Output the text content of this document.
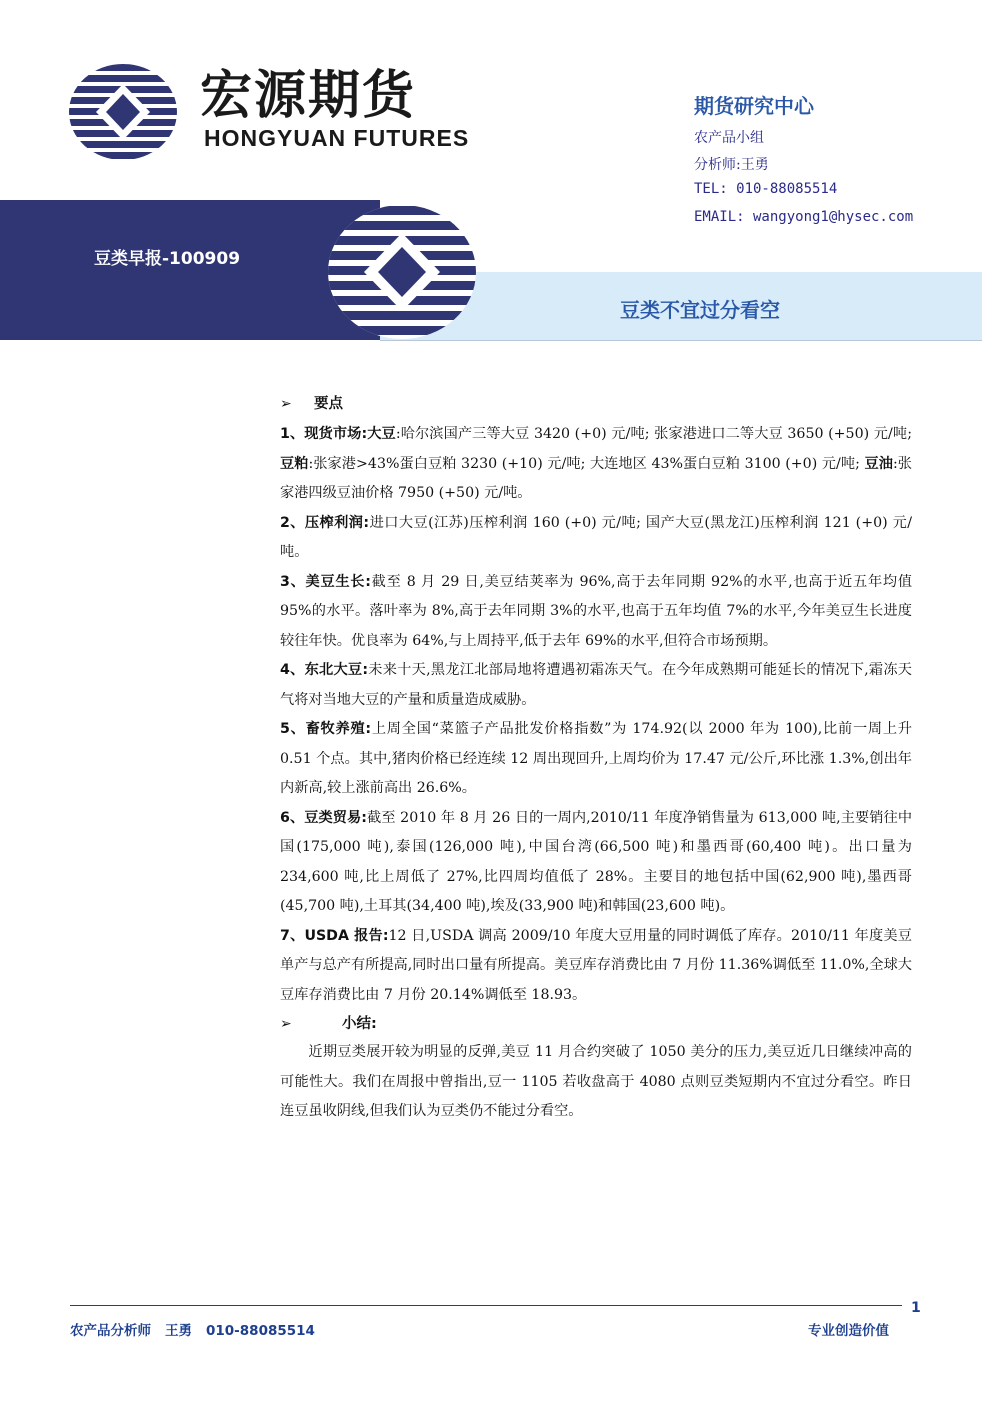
宏源期货
HONGYUAN FUTURES
期货研究中心
农产品小组
分析师:王勇
TEL: 010-88085514
EMAIL: wangyong1@hysec.com
豆类早报-100909
豆类不宜过分看空
➢	要点

1、现货市场:大豆:哈尔滨国产三等大豆 3420 (+0) 元/吨; 张家港进口二等大豆 3650 (+50) 元/吨; 豆粕:张家港>43%蛋白豆粕 3230 (+10) 元/吨; 大连地区 43%蛋白豆粕 3100 (+0) 元/吨; 豆油:张家港四级豆油价格 7950 (+50) 元/吨。

2、压榨利润:进口大豆(江苏)压榨利润 160 (+0) 元/吨; 国产大豆(黑龙江)压榨利润 121 (+0) 元/吨。

3、美豆生长:截至 8 月 29 日,美豆结荚率为 96%,高于去年同期 92%的水平,也高于近五年均值 95%的水平。落叶率为 8%,高于去年同期 3%的水平,也高于五年均值 7%的水平,今年美豆生长进度较往年快。优良率为 64%,与上周持平,低于去年 69%的水平,但符合市场预期。

4、东北大豆:未来十天,黑龙江北部局地将遭遇初霜冻天气。在今年成熟期可能延长的情况下,霜冻天气将对当地大豆的产量和质量造成威胁。

5、畜牧养殖:上周全国“菜篮子产品批发价格指数”为 174.92(以 2000 年为 100),比前一周上升 0.51 个点。其中,猪肉价格已经连续 12 周出现回升,上周均价为 17.47 元/公斤,环比涨 1.3%,创出年内新高,较上涨前高出 26.6%。

6、豆类贸易:截至 2010 年 8 月 26 日的一周内,2010/11 年度净销售量为 613,000 吨,主要销往中国(175,000 吨),泰国(126,000 吨),中国台湾(66,500 吨)和墨西哥(60,400 吨)。出口量为 234,600 吨,比上周低了 27%,比四周均值低了 28%。主要目的地包括中国(62,900 吨),墨西哥(45,700 吨),土耳其(34,400 吨),埃及(33,900 吨)和韩国(23,600 吨)。

7、USDA 报告:12 日,USDA 调高 2009/10 年度大豆用量的同时调低了库存。2010/11 年度美豆单产与总产有所提高,同时出口量有所提高。美豆库存消费比由 7 月份 11.36%调低至 11.0%,全球大豆库存消费比由 7 月份 20.14%调低至 18.93。

➢	小结:

近期豆类展开较为明显的反弹,美豆 11 月合约突破了 1050 美分的压力,美豆近几日继续冲高的可能性大。我们在周报中曾指出,豆一 1105 若收盘高于 4080 点则豆类短期内不宜过分看空。昨日连豆虽收阴线,但我们认为豆类仍不能过分看空。

1
农产品分析师 王勇 010-88085514	专业创造价值
